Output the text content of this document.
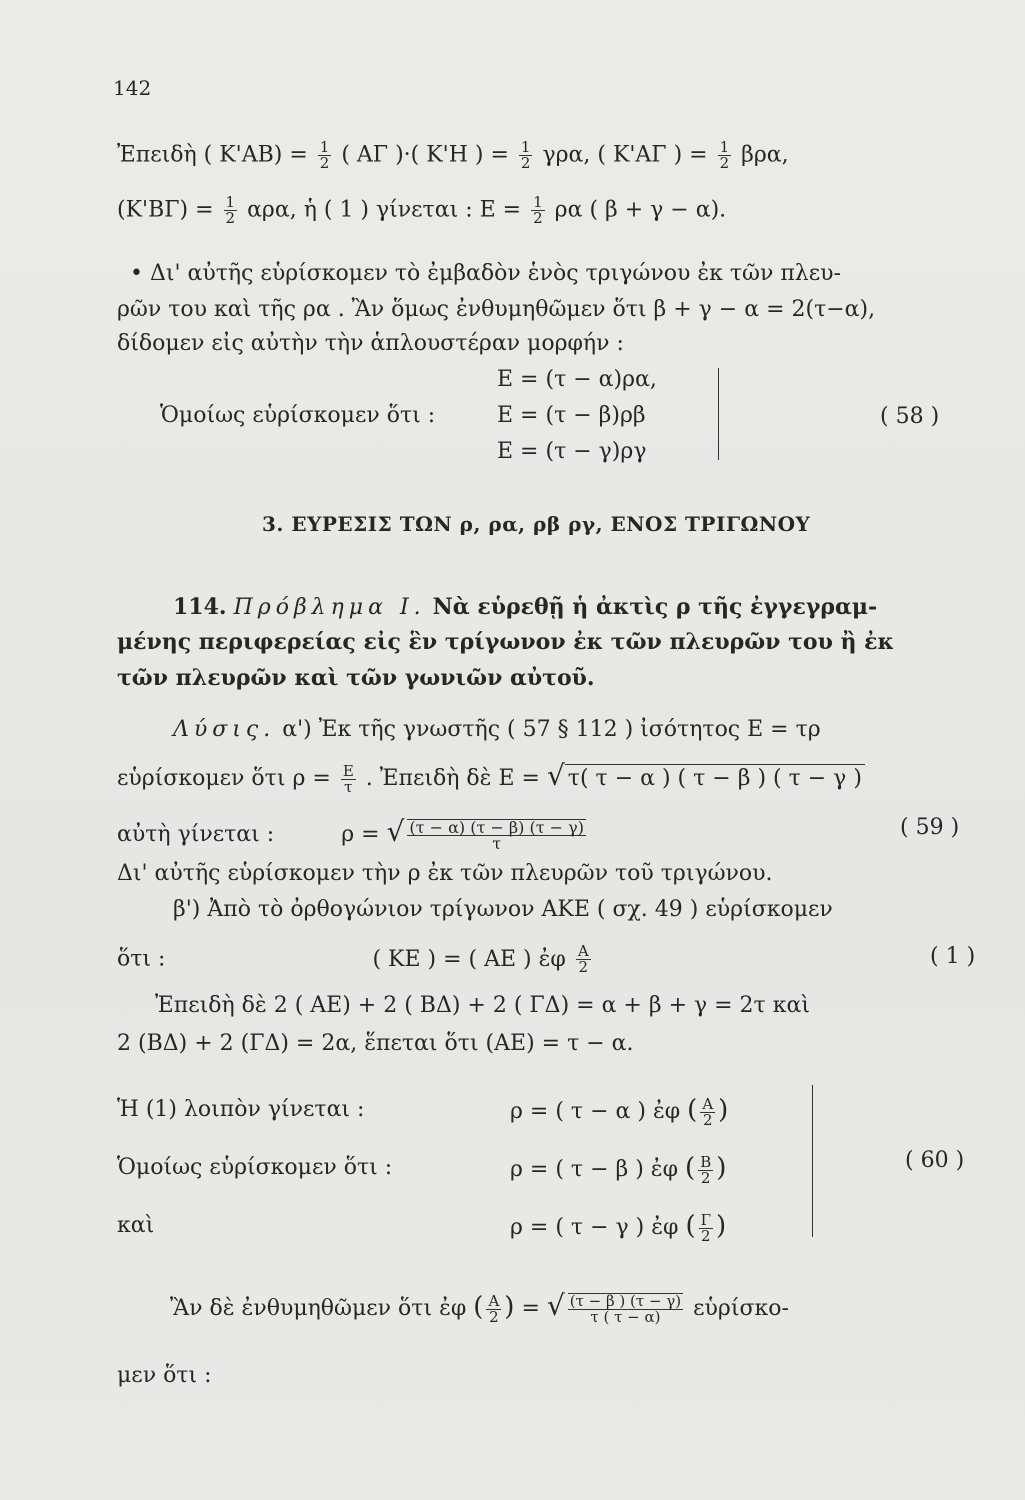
142
Ἐπειδὴ ( $K'AB) = \frac{1}{2}$ ( ΑΓ )·( Κ'Η ) = $\frac{1}{2} \gamma\rho\alpha$, ( Κ'ΑΓ ) = $\frac{1}{2} \beta\rho\alpha$,
$(K'B\Gamma) = \frac{1}{2} \alpha\rho\alpha$, ἡ ( 1 ) γίνεται : $E = \frac{1}{2}$ ρα ( β + γ − α).
• Δι' αὐτῆς εὑρίσκομεν τὸ ἐμβαδὸν ἑνὸς τριγώνου ἐκ τῶν πλευ-
ρῶν του καὶ τῆς ρα . Ἂν ὅμως ἐνθυμηθῶμεν ὅτι β + γ − α = 2(τ−α),
δίδομεν εἰς αὐτὴν τὴν ἁπλουστέραν μορφήν :
Ε = (τ − α)ρα,
Ὁμοίως εὑρίσκομεν ὅτι :	Ε = (τ − β)ρβ
Ε = (τ − γ)ργ
( 58 )
3. ΕΥΡΕΣΙΣ ΤΩΝ ρ, ρα, ρβ ργ, ΕΝΟΣ ΤΡΙΓΩΝΟΥ
114. Πρόβλημα Ι. Νὰ εὑρεθῇ ἡ ἀκτὶς ρ τῆς ἐγγεγραμ-
μένης περιφερείας εἰς ἓν τρίγωνον ἐκ τῶν πλευρῶν του ἢ ἐκ
τῶν πλευρῶν καὶ τῶν γωνιῶν αὐτοῦ.
Λύσις. α') Ἐκ τῆς γνωστῆς ( 57 § 112 ) ἰσότητος Ε = τρ
εὑρίσκομεν ὅτι $\rho = \frac{E}{\tau}$ . Ἐπειδὴ δὲ Ε = √ τ( τ − α ) ( τ − β ) ( τ − γ )
αὐτὴ γίνεται :	ρ = √ $\frac{(\tau - \alpha) (\tau - \beta) (\tau - \gamma)}{\tau}$	( 59 )
Δι' αὐτῆς εὑρίσκομεν τὴν ρ ἐκ τῶν πλευρῶν τοῦ τριγώνου.
β') Ἀπὸ τὸ ὀρθογώνιον τρίγωνον ΑΚΕ ( σχ. 49 ) εὑρίσκομεν
ὅτι :	( ΚΕ ) = ( ΑΕ ) ἐφ $\frac{A}{2}$	( 1 )
Ἐπειδὴ δὲ 2 ( ΑΕ) + 2 ( ΒΔ) + 2 ( ΓΔ) = α + β + γ = 2τ καὶ
2 (ΒΔ) + 2 (ΓΔ) = 2α, ἕπεται ὅτι (ΑΕ) = τ − α.
Ἡ (1) λοιπὸν γίνεται :	ρ = ( τ − α ) ἐφ ( $\frac{A}{2}$ )
Ὁμοίως εὑρίσκομεν ὅτι :	ρ = ( τ − β ) ἐφ ( $\frac{B}{2}$ )
καὶ	ρ = ( τ − γ ) ἐφ ( $\frac{\Gamma}{2}$ )
( 60 )
Ἂν δὲ ἐνθυμηθῶμεν ὅτι ἐφ ( $\frac{A}{2}$ ) = √ $\frac{(\tau - \beta ) (\tau - \gamma)}{\tau ( \tau - \alpha)}$ εὑρίσκο-
μεν ὅτι :
